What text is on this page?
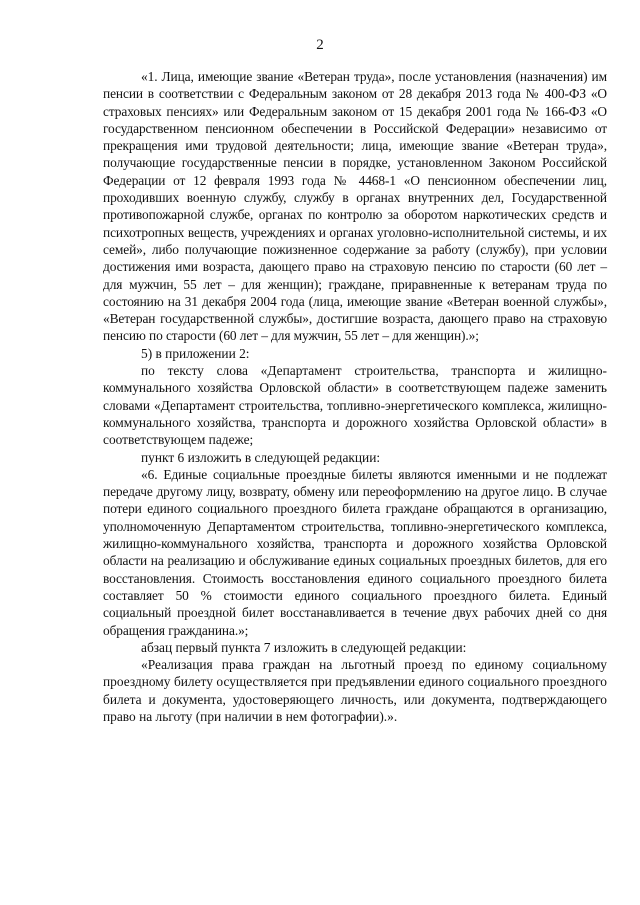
2

«1. Лица, имеющие звание «Ветеран труда», после установления (назначения) им пенсии в соответствии с Федеральным законом от 28 декабря 2013 года № 400-ФЗ «О страховых пенсиях» или Федеральным законом от 15 декабря 2001 года № 166-ФЗ «О государственном пенсионном обеспечении в Российской Федерации» независимо от прекращения ими трудовой деятельности; лица, имеющие звание «Ветеран труда», получающие государственные пенсии в порядке, установленном Законом Российской Федерации от 12 февраля 1993 года № 4468-1 «О пенсионном обеспечении лиц, проходивших военную службу, службу в органах внутренних дел, Государственной противопожарной службе, органах по контролю за оборотом наркотических средств и психотропных веществ, учреждениях и органах уголовно-исполнительной системы, и их семей», либо получающие пожизненное содержание за работу (службу), при условии достижения ими возраста, дающего право на страховую пенсию по старости (60 лет – для мужчин, 55 лет – для женщин); граждане, приравненные к ветеранам труда по состоянию на 31 декабря 2004 года (лица, имеющие звание «Ветеран военной службы», «Ветеран государственной службы», достигшие возраста, дающего право на страховую пенсию по старости (60 лет – для мужчин, 55 лет – для женщин).»;

5) в приложении 2:

по тексту слова «Департамент строительства, транспорта и жилищно-коммунального хозяйства Орловской области» в соответствующем падеже заменить словами «Департамент строительства, топливно-энергетического комплекса, жилищно-коммунального хозяйства, транспорта и дорожного хозяйства Орловской области» в соответствующем падеже;

пункт 6 изложить в следующей редакции:

«6. Единые социальные проездные билеты являются именными и не подлежат передаче другому лицу, возврату, обмену или переоформлению на другое лицо. В случае потери единого социального проездного билета граждане обращаются в организацию, уполномоченную Департаментом строительства, топливно-энергетического комплекса, жилищно-коммунального хозяйства, транспорта и дорожного хозяйства Орловской области на реализацию и обслуживание единых социальных проездных билетов, для его восстановления. Стоимость восстановления единого социального проездного билета составляет 50 % стоимости единого социального проездного билета. Единый социальный проездной билет восстанавливается в течение двух рабочих дней со дня обращения гражданина.»;

абзац первый пункта 7 изложить в следующей редакции:

«Реализация права граждан на льготный проезд по единому социальному проездному билету осуществляется при предъявлении единого социального проездного билета и документа, удостоверяющего личность, или документа, подтверждающего право на льготу (при наличии в нем фотографии).».
